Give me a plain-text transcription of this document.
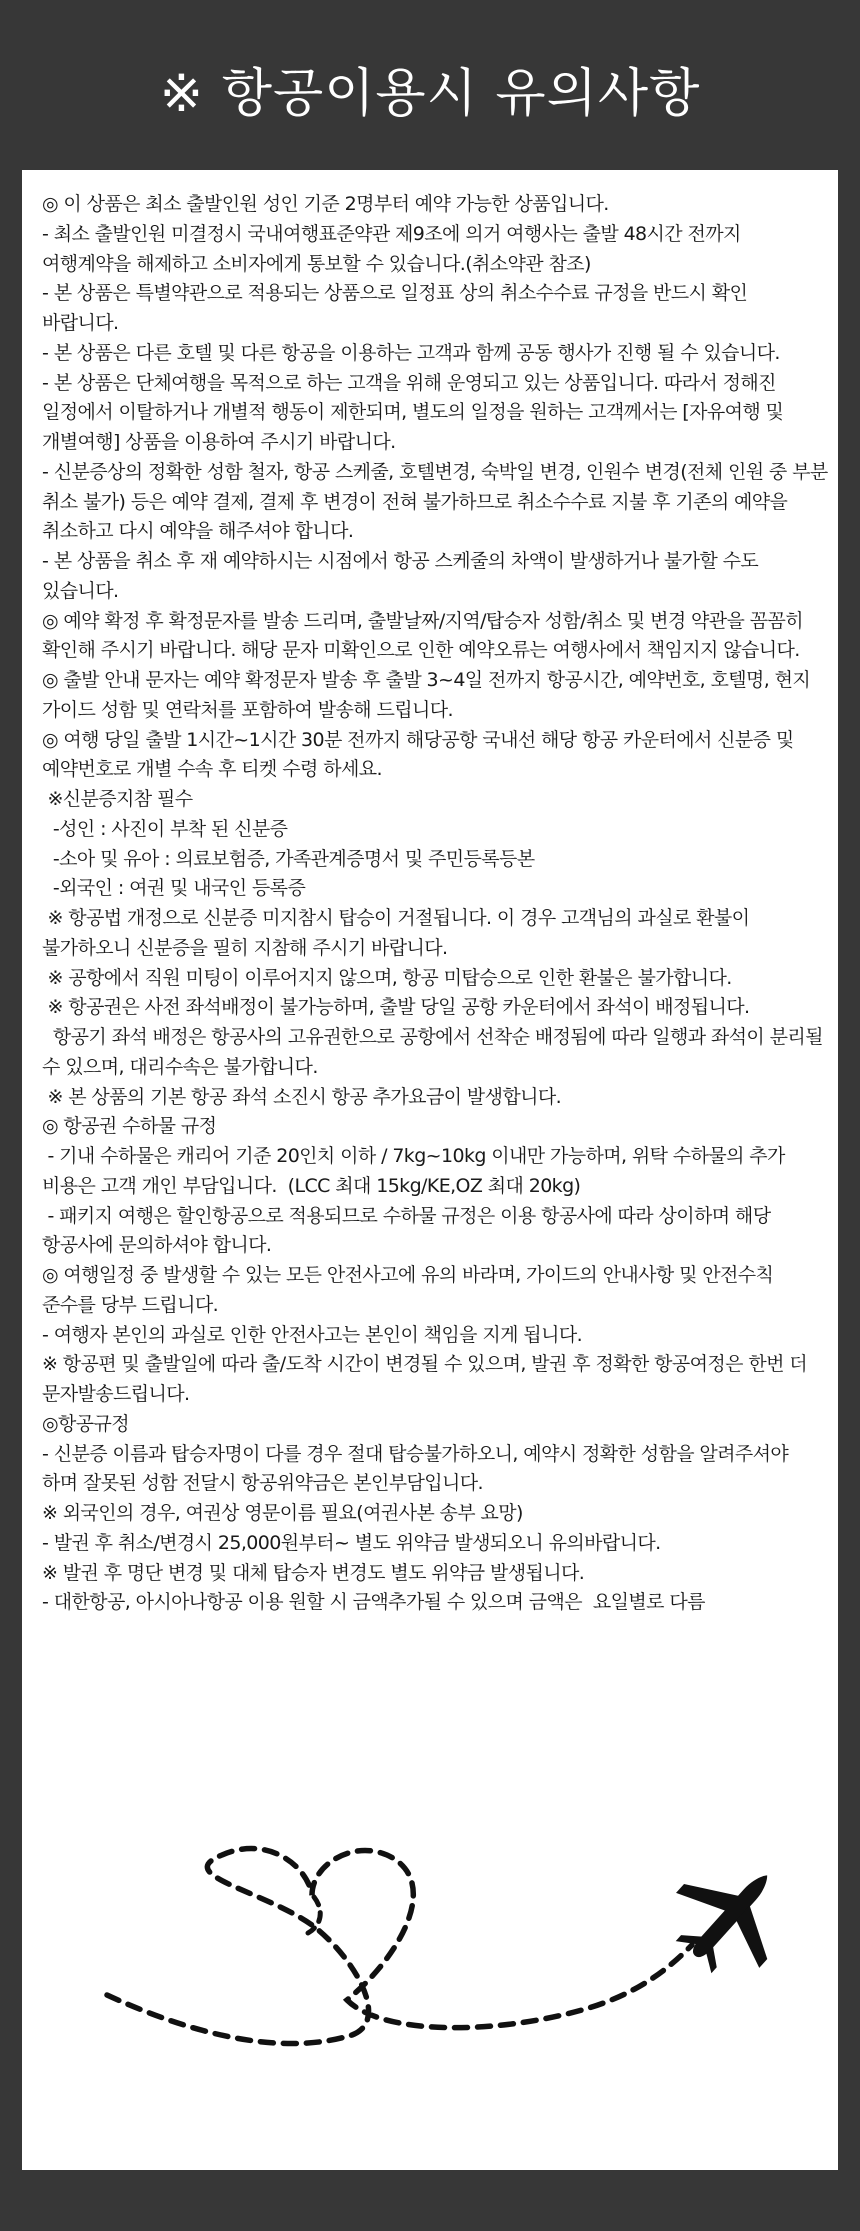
※ 항공이용시 유의사항
◎ 이 상품은 최소 출발인원 성인 기준 2명부터 예약 가능한 상품입니다.
- 최소 출발인원 미결정시 국내여행표준약관 제9조에 의거 여행사는 출발 48시간 전까지 여행계약을 해제하고 소비자에게 통보할 수 있습니다.(취소약관 참조)
- 본 상품은 특별약관으로 적용되는 상품으로 일정표 상의 취소수수료 규정을 반드시 확인 바랍니다.
- 본 상품은 다른 호텔 및 다른 항공을 이용하는 고객과 함께 공동 행사가 진행 될 수 있습니다.
- 본 상품은 단체여행을 목적으로 하는 고객을 위해 운영되고 있는 상품입니다. 따라서 정해진 일정에서 이탈하거나 개별적 행동이 제한되며, 별도의 일정을 원하는 고객께서는 [자유여행 및 개별여행] 상품을 이용하여 주시기 바랍니다.
- 신분증상의 정확한 성함 철자, 항공 스케줄, 호텔변경, 숙박일 변경, 인원수 변경(전체 인원 중 부분 취소 불가) 등은 예약 결제, 결제 후 변경이 전혀 불가하므로 취소수수료 지불 후 기존의 예약을 취소하고 다시 예약을 해주셔야 합니다.
- 본 상품을 취소 후 재 예약하시는 시점에서 항공 스케줄의 차액이 발생하거나 불가할 수도 있습니다.
◎ 예약 확정 후 확정문자를 발송 드리며, 출발날짜/지역/탑승자 성함/취소 및 변경 약관을 꼼꼼히 확인해 주시기 바랍니다. 해당 문자 미확인으로 인한 예약오류는 여행사에서 책임지지 않습니다.
◎ 출발 안내 문자는 예약 확정문자 발송 후 출발 3~4일 전까지 항공시간, 예약번호, 호텔명, 현지 가이드 성함 및 연락처를 포함하여 발송해 드립니다.
◎ 여행 당일 출발 1시간~1시간 30분 전까지 해당공항 국내선 해당 항공 카운터에서 신분증 및 예약번호로 개별 수속 후 티켓 수령 하세요.
※신분증지참 필수
-성인 : 사진이 부착 된 신분증
-소아 및 유아 : 의료보험증, 가족관계증명서 및 주민등록등본
-외국인 : 여권 및 내국인 등록증
※ 항공법 개정으로 신분증 미지참시 탑승이 거절됩니다. 이 경우 고객님의 과실로 환불이 불가하오니 신분증을 필히 지참해 주시기 바랍니다.
※ 공항에서 직원 미팅이 이루어지지 않으며, 항공 미탑승으로 인한 환불은 불가합니다.
※ 항공권은 사전 좌석배정이 불가능하며, 출발 당일 공항 카운터에서 좌석이 배정됩니다.
항공기 좌석 배정은 항공사의 고유권한으로 공항에서 선착순 배정됨에 따라 일행과 좌석이 분리될 수 있으며, 대리수속은 불가합니다.
※ 본 상품의 기본 항공 좌석 소진시 항공 추가요금이 발생합니다.
◎ 항공권 수하물 규정
- 기내 수하물은 캐리어 기준 20인치 이하 / 7kg~10kg 이내만 가능하며, 위탁 수하물의 추가 비용은 고객 개인 부담입니다.  (LCC 최대 15kg/KE,OZ 최대 20kg)
- 패키지 여행은 할인항공으로 적용되므로 수하물 규정은 이용 항공사에 따라 상이하며 해당 항공사에 문의하셔야 합니다.
◎ 여행일정 중 발생할 수 있는 모든 안전사고에 유의 바라며, 가이드의 안내사항 및 안전수칙 준수를 당부 드립니다.
- 여행자 본인의 과실로 인한 안전사고는 본인이 책임을 지게 됩니다.
※ 항공편 및 출발일에 따라 출/도착 시간이 변경될 수 있으며, 발권 후 정확한 항공여정은 한번 더 문자발송드립니다.
◎항공규정
- 신분증 이름과 탑승자명이 다를 경우 절대 탑승불가하오니, 예약시 정확한 성함을 알려주셔야 하며 잘못된 성함 전달시 항공위약금은 본인부담입니다.
※ 외국인의 경우, 여권상 영문이름 필요(여권사본 송부 요망)
- 발권 후 취소/변경시 25,000원부터~ 별도 위약금 발생되오니 유의바랍니다.
※ 발권 후 명단 변경 및 대체 탑승자 변경도 별도 위약금 발생됩니다.
- 대한항공, 아시아나항공 이용 원할 시 금액추가될 수 있으며 금액은  요일별로 다름
